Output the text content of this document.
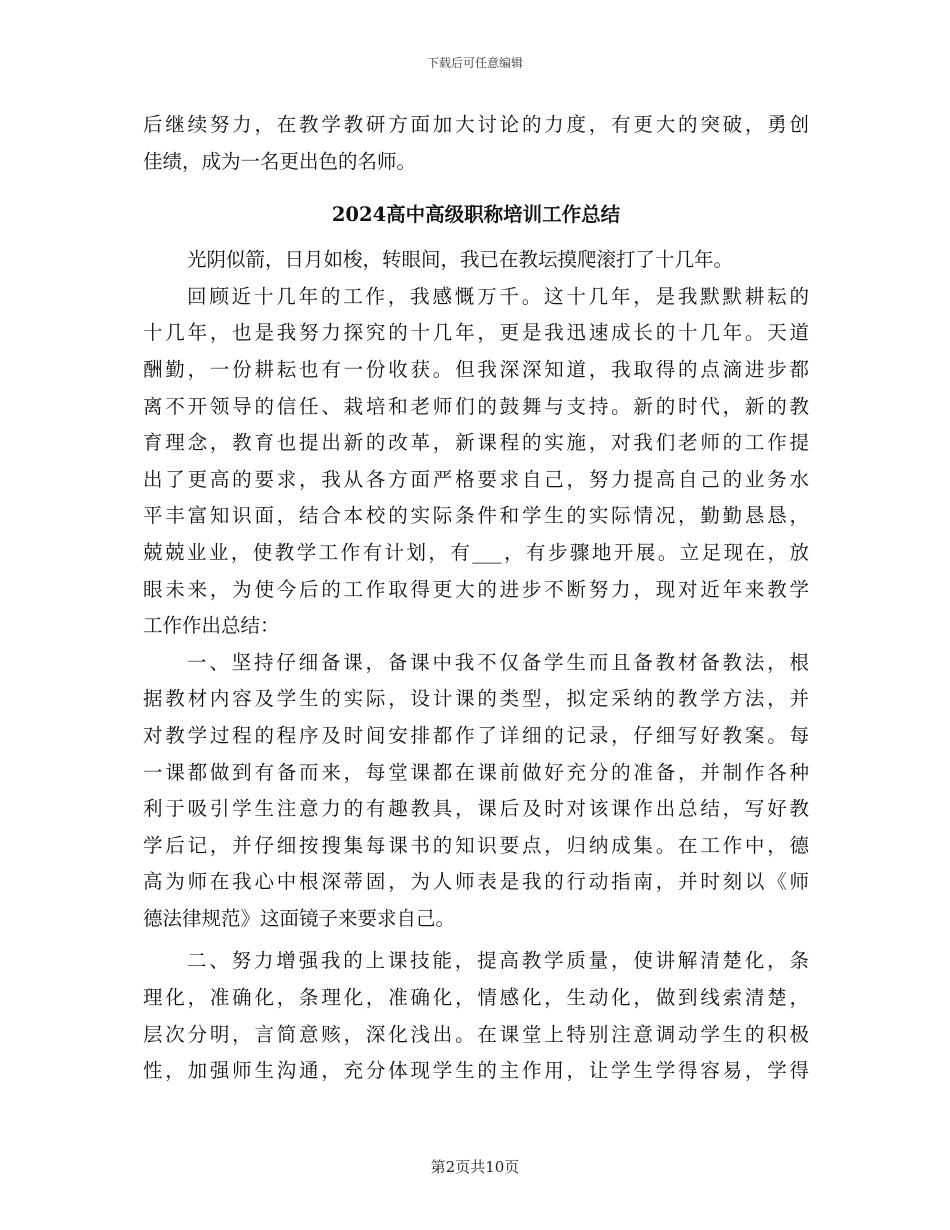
下载后可任意编辑
后继续努力，在教学教研方面加大讨论的力度，有更大的突破，勇创
佳绩，成为一名更出色的名师。
2024高中高级职称培训工作总结
光阴似箭，日月如梭，转眼间，我已在教坛摸爬滚打了十几年。
回顾近十几年的工作，我感慨万千。这十几年，是我默默耕耘的
十几年，也是我努力探究的十几年，更是我迅速成长的十几年。天道
酬勤，一份耕耘也有一份收获。但我深深知道，我取得的点滴进步都
离不开领导的信任、栽培和老师们的鼓舞与支持。新的时代，新的教
育理念，教育也提出新的改革，新课程的实施，对我们老师的工作提
出了更高的要求，我从各方面严格要求自己，努力提高自己的业务水
平丰富知识面，结合本校的实际条件和学生的实际情况，勤勤恳恳，
兢兢业业，使教学工作有计划，有___，有步骤地开展。立足现在，放
眼未来，为使今后的工作取得更大的进步不断努力，现对近年来教学
工作作出总结：
一、坚持仔细备课，备课中我不仅备学生而且备教材备教法，根
据教材内容及学生的实际，设计课的类型，拟定采纳的教学方法，并
对教学过程的程序及时间安排都作了详细的记录，仔细写好教案。每
一课都做到有备而来，每堂课都在课前做好充分的准备，并制作各种
利于吸引学生注意力的有趣教具，课后及时对该课作出总结，写好教
学后记，并仔细按搜集每课书的知识要点，归纳成集。在工作中，德
高为师在我心中根深蒂固，为人师表是我的行动指南，并时刻以《师
德法律规范》这面镜子来要求自己。
二、努力增强我的上课技能，提高教学质量，使讲解清楚化，条
理化，准确化，条理化，准确化，情感化，生动化，做到线索清楚，
层次分明，言简意赅，深化浅出。在课堂上特别注意调动学生的积极
性，加强师生沟通，充分体现学生的主作用，让学生学得容易，学得
第2页共10页
